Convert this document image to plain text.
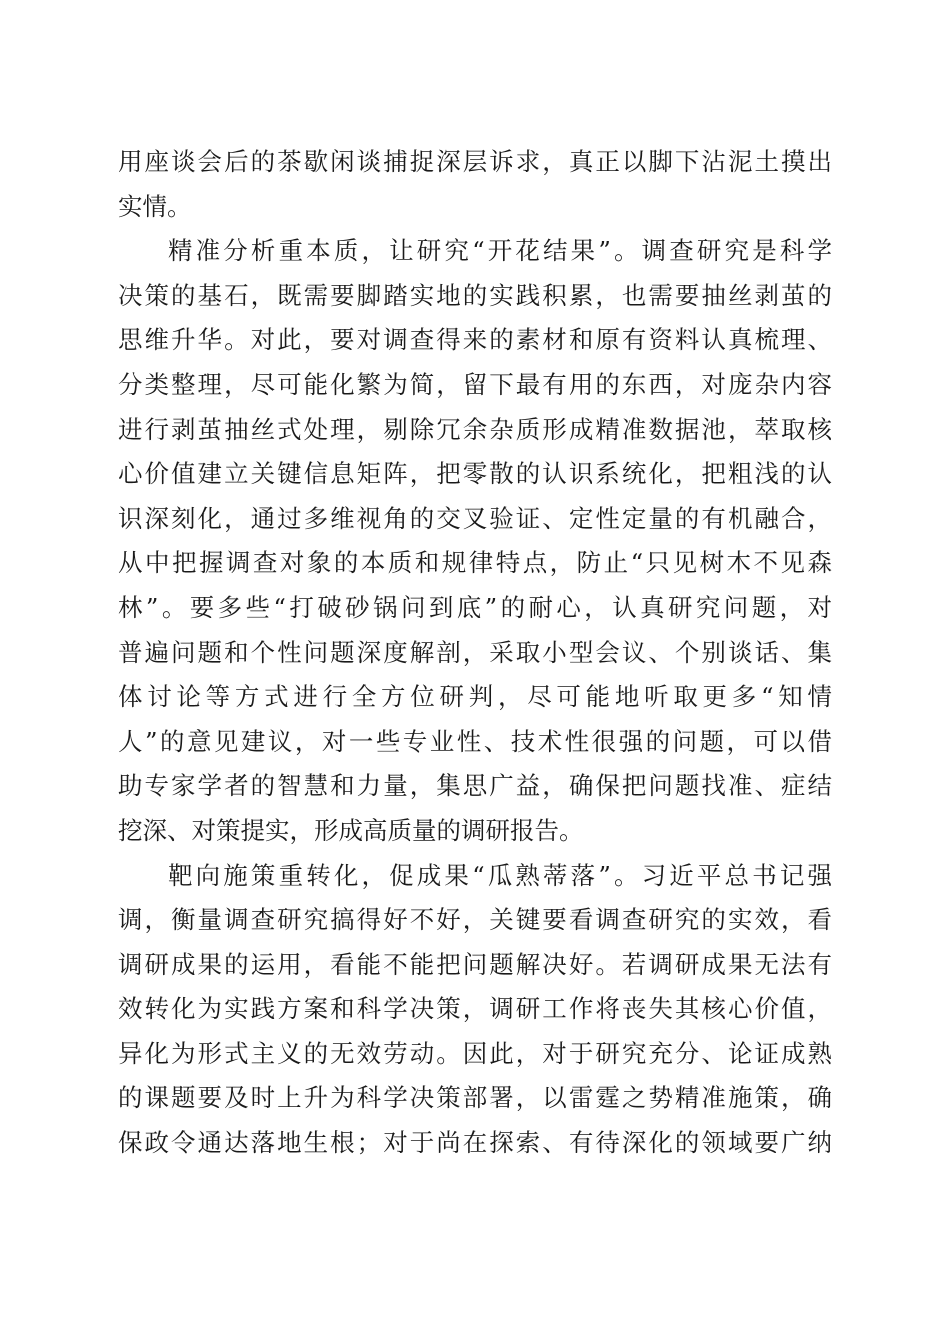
用座谈会后的茶歇闲谈捕捉深层诉求，真正以脚下沾泥土摸出
实情。
精准分析重本质，让研究“开花结果”。调查研究是科学
决策的基石，既需要脚踏实地的实践积累，也需要抽丝剥茧的
思维升华。对此，要对调查得来的素材和原有资料认真梳理、
分类整理，尽可能化繁为简，留下最有用的东西，对庞杂内容
进行剥茧抽丝式处理，剔除冗余杂质形成精准数据池，萃取核
心价值建立关键信息矩阵，把零散的认识系统化，把粗浅的认
识深刻化，通过多维视角的交叉验证、定性定量的有机融合，
从中把握调查对象的本质和规律特点，防止“只见树木不见森
林”。要多些“打破砂锅问到底”的耐心，认真研究问题，对
普遍问题和个性问题深度解剖，采取小型会议、个别谈话、集
体讨论等方式进行全方位研判，尽可能地听取更多“知情
人”的意见建议，对一些专业性、技术性很强的问题，可以借
助专家学者的智慧和力量，集思广益，确保把问题找准、症结
挖深、对策提实，形成高质量的调研报告。
靶向施策重转化，促成果“瓜熟蒂落”。习近平总书记强
调，衡量调查研究搞得好不好，关键要看调查研究的实效，看
调研成果的运用，看能不能把问题解决好。若调研成果无法有
效转化为实践方案和科学决策，调研工作将丧失其核心价值，
异化为形式主义的无效劳动。因此，对于研究充分、论证成熟
的课题要及时上升为科学决策部署，以雷霆之势精准施策，确
保政令通达落地生根；对于尚在探索、有待深化的领域要广纳
